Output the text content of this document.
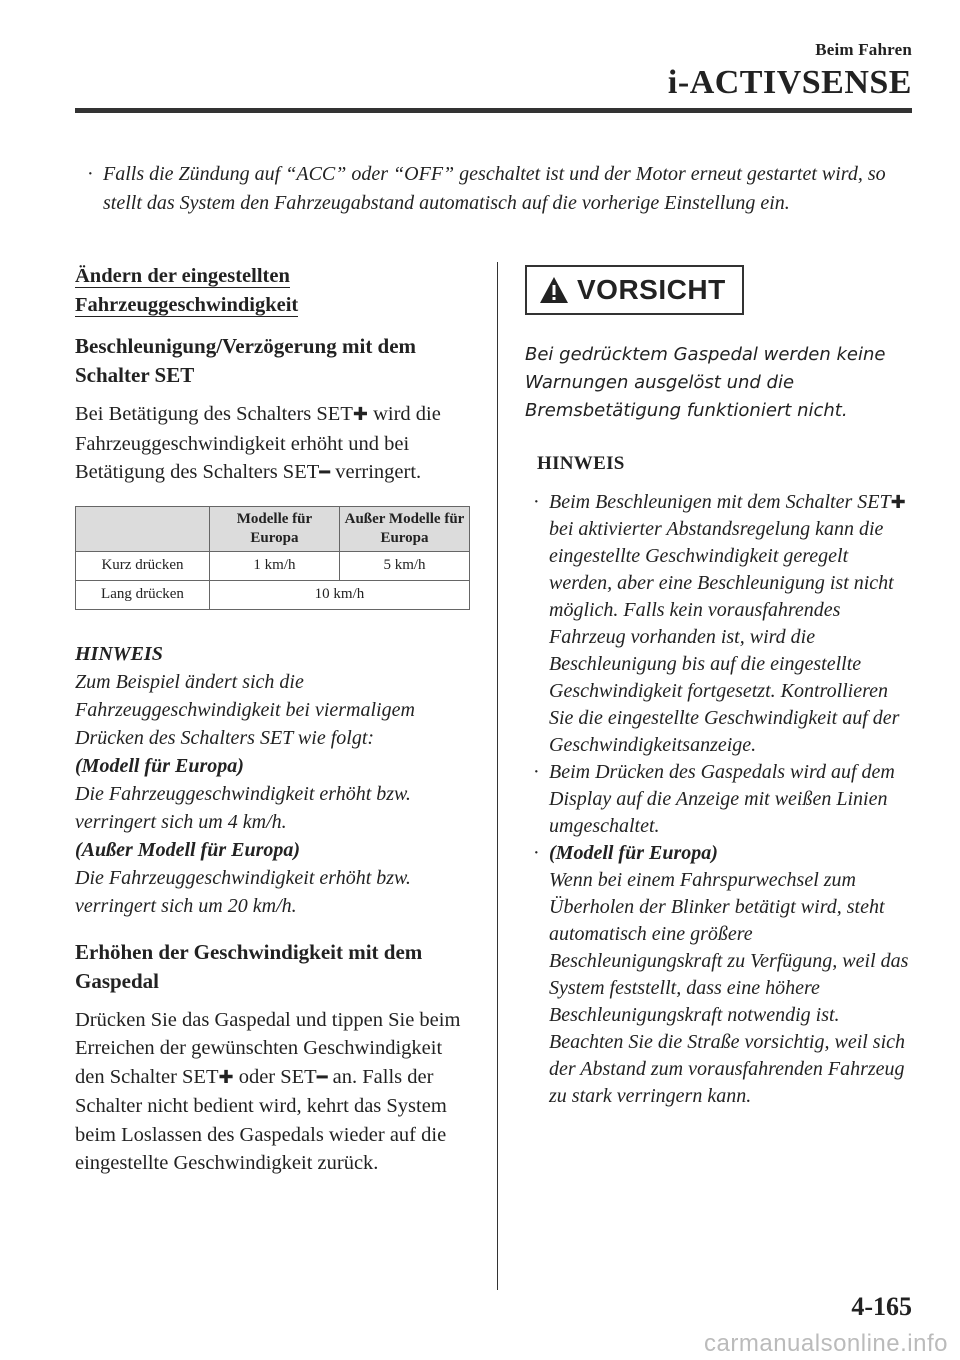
Beim Fahren
i-ACTIVSENSE
· Falls die Zündung auf “ACC” oder “OFF” geschaltet ist und der Motor erneut gestartet wird, so stellt das System den Fahrzeugabstand automatisch auf die vorherige Einstellung ein.
Ändern der eingestellten
Fahrzeuggeschwindigkeit
Beschleunigung/Verzögerung mit dem Schalter SET

Bei Betätigung des Schalters SET✚ wird die Fahrzeuggeschwindigkeit erhöht und bei Betätigung des Schalters SET━ verringert.

	Modelle für Europa	Außer Modelle für Europa
Kurz drücken	1 km/h	5 km/h
Lang drücken	10 km/h	
HINWEIS
Zum Beispiel ändert sich die Fahrzeuggeschwindigkeit bei viermaligem Drücken des Schalters SET wie folgt:
(Modell für Europa)
Die Fahrzeuggeschwindigkeit erhöht bzw. verringert sich um 4 km/h.
(Außer Modell für Europa)
Die Fahrzeuggeschwindigkeit erhöht bzw. verringert sich um 20 km/h.
Erhöhen der Geschwindigkeit mit dem Gaspedal

Drücken Sie das Gaspedal und tippen Sie beim Erreichen der gewünschten Geschwindigkeit den Schalter SET✚ oder SET━ an. Falls der Schalter nicht bedient wird, kehrt das System beim Loslassen des Gaspedals wieder auf die eingestellte Geschwindigkeit zurück.

VORSICHT
Bei gedrücktem Gaspedal werden keine Warnungen ausgelöst und die Bremsbetätigung funktioniert nicht.
HINWEIS
· Beim Beschleunigen mit dem Schalter SET✚ bei aktivierter Abstandsregelung kann die eingestellte Geschwindigkeit geregelt werden, aber eine Beschleunigung ist nicht möglich. Falls kein vorausfahrendes Fahrzeug vorhanden ist, wird die Beschleunigung bis auf die eingestellte Geschwindigkeit fortgesetzt. Kontrollieren Sie die eingestellte Geschwindigkeit auf der Geschwindigkeitsanzeige.
· Beim Drücken des Gaspedals wird auf dem Display auf die Anzeige mit weißen Linien umgeschaltet.
· (Modell für Europa)
Wenn bei einem Fahrspurwechsel zum Überholen der Blinker betätigt wird, steht automatisch eine größere Beschleunigungskraft zu Verfügung, weil das System feststellt, dass eine höhere Beschleunigungskraft notwendig ist. Beachten Sie die Straße vorsichtig, weil sich der Abstand zum vorausfahrenden Fahrzeug zu stark verringern kann.
4-165
carmanualsonline.info
